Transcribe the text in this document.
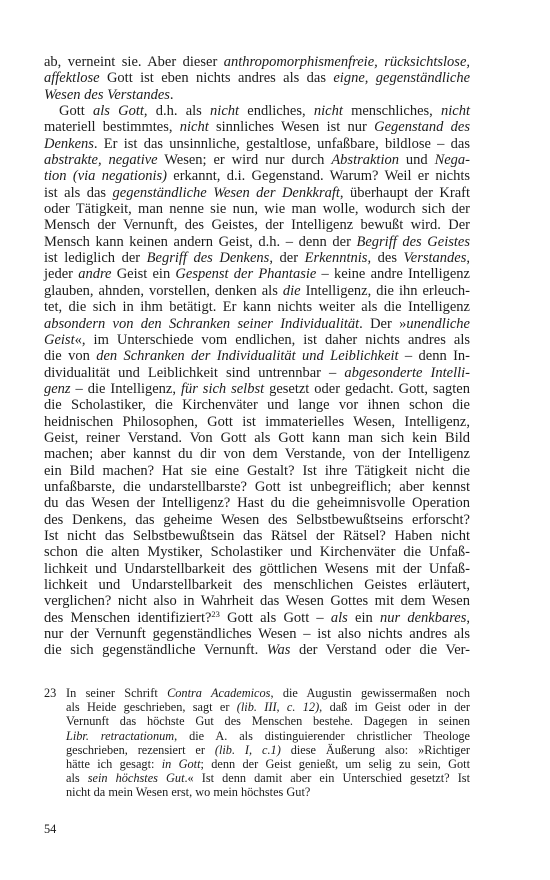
ab, verneint sie. Aber dieser anthropomorphismenfreie, rücksichtslose,
affektlose Gott ist eben nichts andres als das eigne, gegenständliche
Wesen des Verstandes.
Gott als Gott, d.h. als nicht endliches, nicht menschliches, nicht
materiell bestimmtes, nicht sinnliches Wesen ist nur Gegenstand des
Denkens. Er ist das unsinnliche, gestaltlose, unfaßbare, bildlose – das
abstrakte, negative Wesen; er wird nur durch Abstraktion und Nega-
tion (via negationis) erkannt, d.i. Gegenstand. Warum? Weil er nichts
ist als das gegenständliche Wesen der Denkkraft, überhaupt der Kraft
oder Tätigkeit, man nenne sie nun, wie man wolle, wodurch sich der
Mensch der Vernunft, des Geistes, der Intelligenz bewußt wird. Der
Mensch kann keinen andern Geist, d.h. – denn der Begriff des Geistes
ist lediglich der Begriff des Denkens, der Erkenntnis, des Verstandes,
jeder andre Geist ein Gespenst der Phantasie – keine andre Intelligenz
glauben, ahnden, vorstellen, denken als die Intelligenz, die ihn erleuch-
tet, die sich in ihm betätigt. Er kann nichts weiter als die Intelligenz
absondern von den Schranken seiner Individualität. Der »unendliche
Geist«, im Unterschiede vom endlichen, ist daher nichts andres als
die von den Schranken der Individualität und Leiblichkeit – denn In-
dividualität und Leiblichkeit sind untrennbar – abgesonderte Intelli-
genz – die Intelligenz, für sich selbst gesetzt oder gedacht. Gott, sagten
die Scholastiker, die Kirchenväter und lange vor ihnen schon die
heidnischen Philosophen, Gott ist immaterielles Wesen, Intelligenz,
Geist, reiner Verstand. Von Gott als Gott kann man sich kein Bild
machen; aber kannst du dir von dem Verstande, von der Intelligenz
ein Bild machen? Hat sie eine Gestalt? Ist ihre Tätigkeit nicht die
unfaßbarste, die undarstellbarste? Gott ist unbegreiflich; aber kennst
du das Wesen der Intelligenz? Hast du die geheimnisvolle Operation
des Denkens, das geheime Wesen des Selbstbewußtseins erforscht?
Ist nicht das Selbstbewußtsein das Rätsel der Rätsel? Haben nicht
schon die alten Mystiker, Scholastiker und Kirchenväter die Unfaß-
lichkeit und Undarstellbarkeit des göttlichen Wesens mit der Unfaß-
lichkeit und Undarstellbarkeit des menschlichen Geistes erläutert,
verglichen? nicht also in Wahrheit das Wesen Gottes mit dem Wesen
des Menschen identifiziert?$^{23}$ Gott als Gott – als ein nur denkbares,
nur der Vernunft gegenständliches Wesen – ist also nichts andres als
die sich gegenständliche Vernunft. Was der Verstand oder die Ver-
23 In seiner Schrift Contra Academicos, die Augustin gewissermaßen noch
als Heide geschrieben, sagt er (lib. III, c. 12), daß im Geist oder in der
Vernunft das höchste Gut des Menschen bestehe. Dagegen in seinen
Libr. retractationum, die A. als distinguierender christlicher Theologe
geschrieben, rezensiert er (lib. I, c.1) diese Äußerung also: »Richtiger
hätte ich gesagt: in Gott; denn der Geist genießt, um selig zu sein, Gott
als sein höchstes Gut.« Ist denn damit aber ein Unterschied gesetzt? Ist
nicht da mein Wesen erst, wo mein höchstes Gut?
54
